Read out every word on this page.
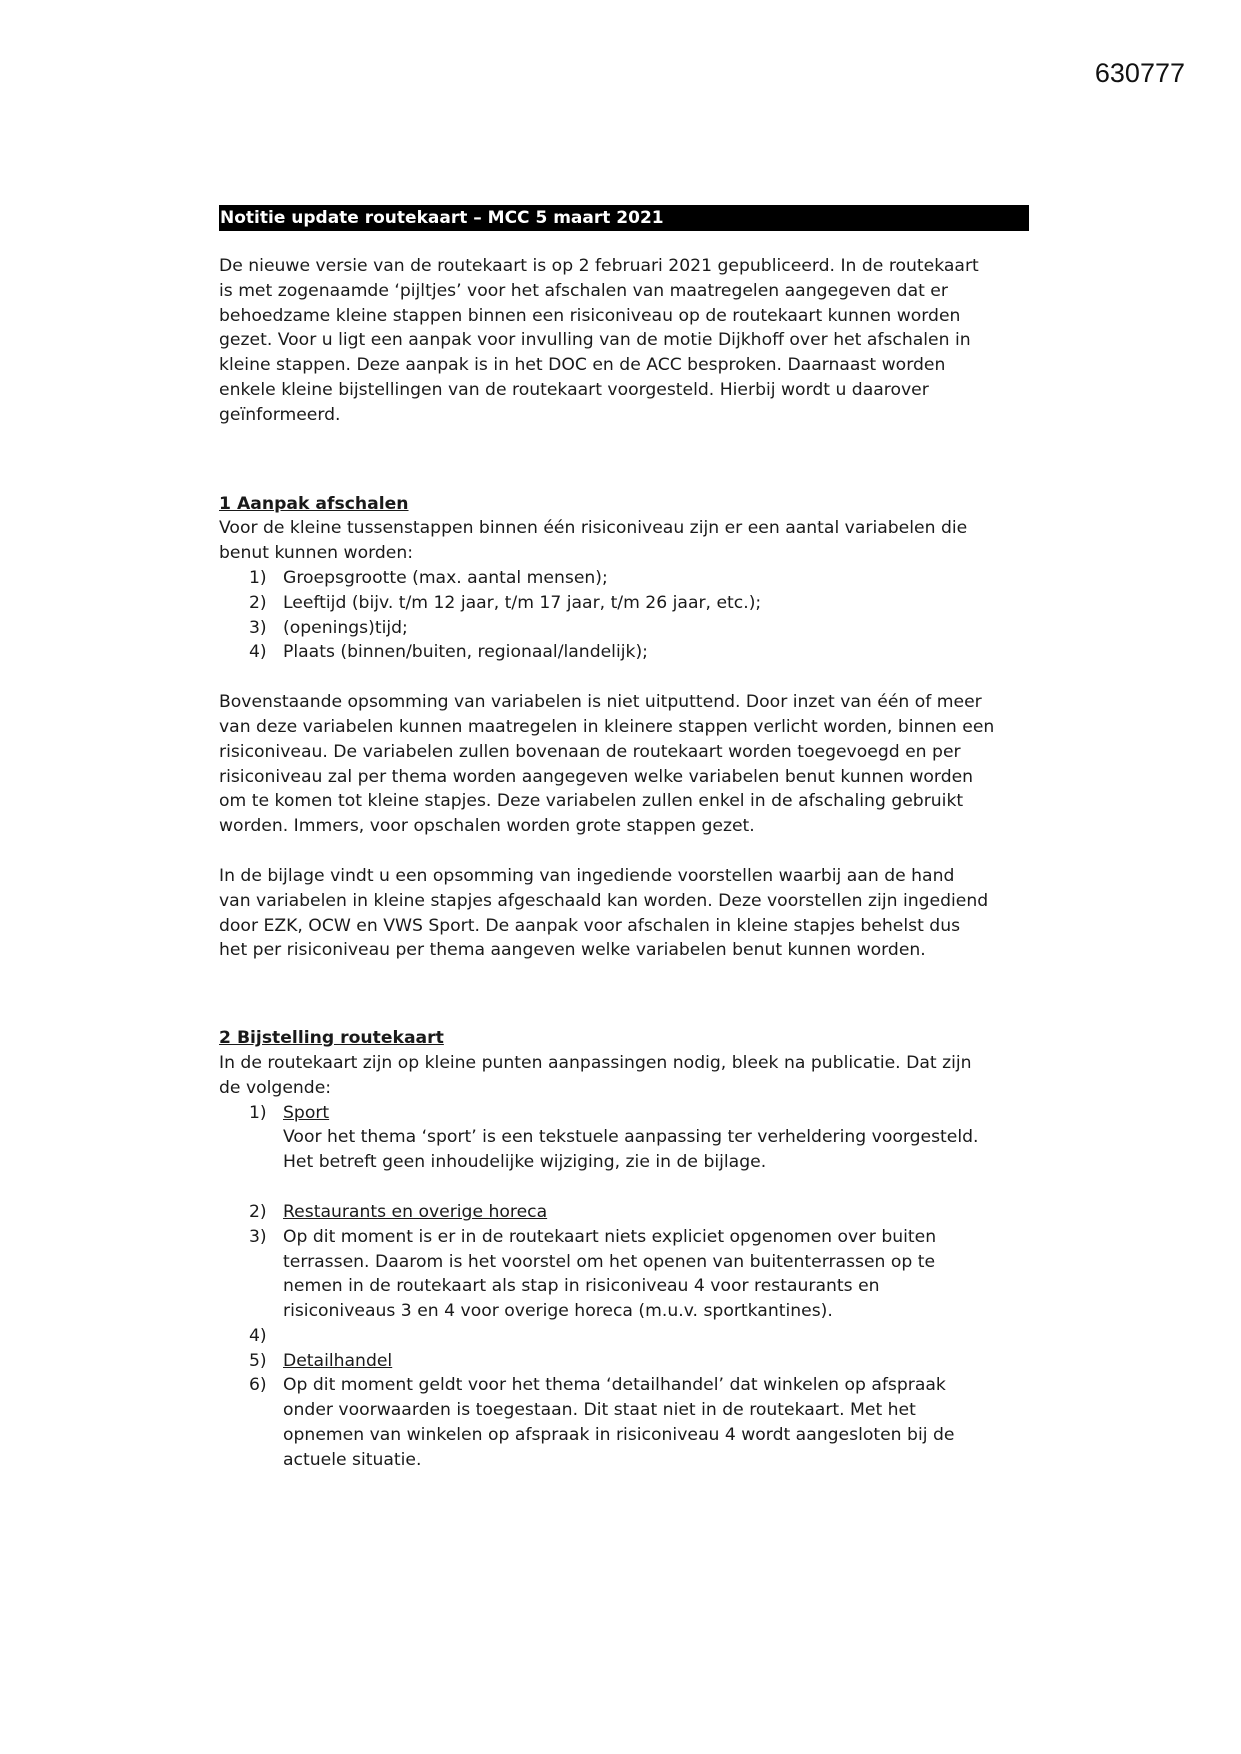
630777
Notitie update routekaart – MCC 5 maart 2021

De nieuwe versie van de routekaart is op 2 februari 2021 gepubliceerd. In de routekaart
is met zogenaamde ‘pijltjes’ voor het afschalen van maatregelen aangegeven dat er
behoedzame kleine stappen binnen een risiconiveau op de routekaart kunnen worden
gezet. Voor u ligt een aanpak voor invulling van de motie Dijkhoff over het afschalen in
kleine stappen. Deze aanpak is in het DOC en de ACC besproken. Daarnaast worden
enkele kleine bijstellingen van de routekaart voorgesteld. Hierbij wordt u daarover
geïnformeerd.

1 Aanpak afschalen

Voor de kleine tussenstappen binnen één risiconiveau zijn er een aantal variabelen die
benut kunnen worden:

1) Groepsgrootte (max. aantal mensen);
2) Leeftijd (bijv. t/m 12 jaar, t/m 17 jaar, t/m 26 jaar, etc.);
3) (openings)tijd;
4) Plaats (binnen/buiten, regionaal/landelijk);

Bovenstaande opsomming van variabelen is niet uitputtend. Door inzet van één of meer
van deze variabelen kunnen maatregelen in kleinere stappen verlicht worden, binnen een
risiconiveau. De variabelen zullen bovenaan de routekaart worden toegevoegd en per
risiconiveau zal per thema worden aangegeven welke variabelen benut kunnen worden
om te komen tot kleine stapjes. Deze variabelen zullen enkel in de afschaling gebruikt
worden. Immers, voor opschalen worden grote stappen gezet.

In de bijlage vindt u een opsomming van ingediende voorstellen waarbij aan de hand
van variabelen in kleine stapjes afgeschaald kan worden. Deze voorstellen zijn ingediend
door EZK, OCW en VWS Sport. De aanpak voor afschalen in kleine stapjes behelst dus
het per risiconiveau per thema aangeven welke variabelen benut kunnen worden.

2 Bijstelling routekaart

In de routekaart zijn op kleine punten aanpassingen nodig, bleek na publicatie. Dat zijn
de volgende:

1) Sport
Voor het thema ‘sport’ is een tekstuele aanpassing ter verheldering voorgesteld.
Het betreft geen inhoudelijke wijziging, zie in de bijlage.
2) Restaurants en overige horeca
3) Op dit moment is er in de routekaart niets expliciet opgenomen over buiten
terrassen. Daarom is het voorstel om het openen van buitenterrassen op te
nemen in de routekaart als stap in risiconiveau 4 voor restaurants en
risiconiveaus 3 en 4 voor overige horeca (m.u.v. sportkantines).
4)

5) Detailhandel
6) Op dit moment geldt voor het thema ‘detailhandel’ dat winkelen op afspraak
onder voorwaarden is toegestaan. Dit staat niet in de routekaart. Met het
opnemen van winkelen op afspraak in risiconiveau 4 wordt aangesloten bij de
actuele situatie.
